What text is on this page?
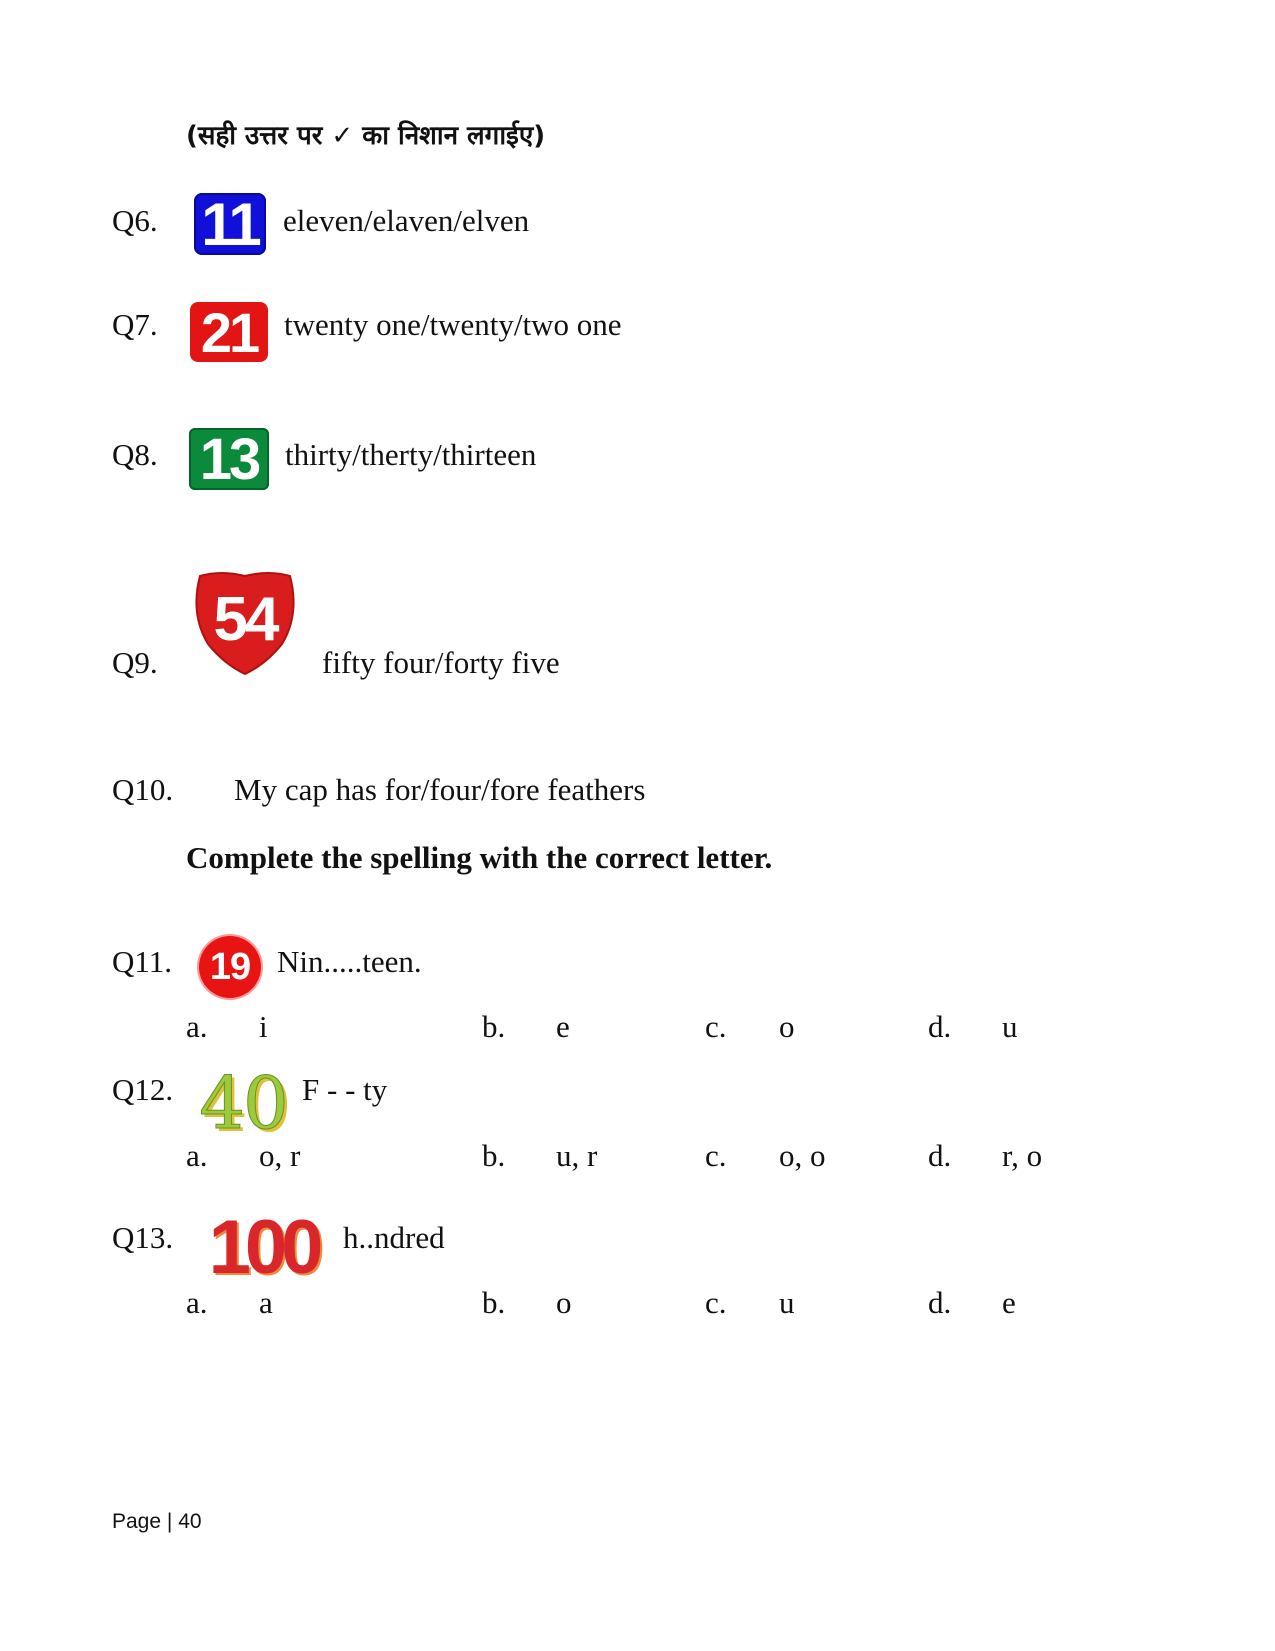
(सही उत्तर पर ✓ का निशान लगाईए)
Q6. 11 eleven/elaven/elven
Q7. 21 twenty one/twenty/two one
Q8. 13 thirty/therty/thirteen
Q9.
54
fifty four/forty five
Q10. My cap has for/four/fore feathers
Complete the spelling with the correct letter.
Q11. 19 Nin.....teen.
a. i	b. e	c. o	d. u
Q12. 40 F - - ty
a. o, r	b. u, r	c. o, o	d. r, o
Q13. 100 h..ndred
a. a	b. o	c. u	d. e
Page | 40
